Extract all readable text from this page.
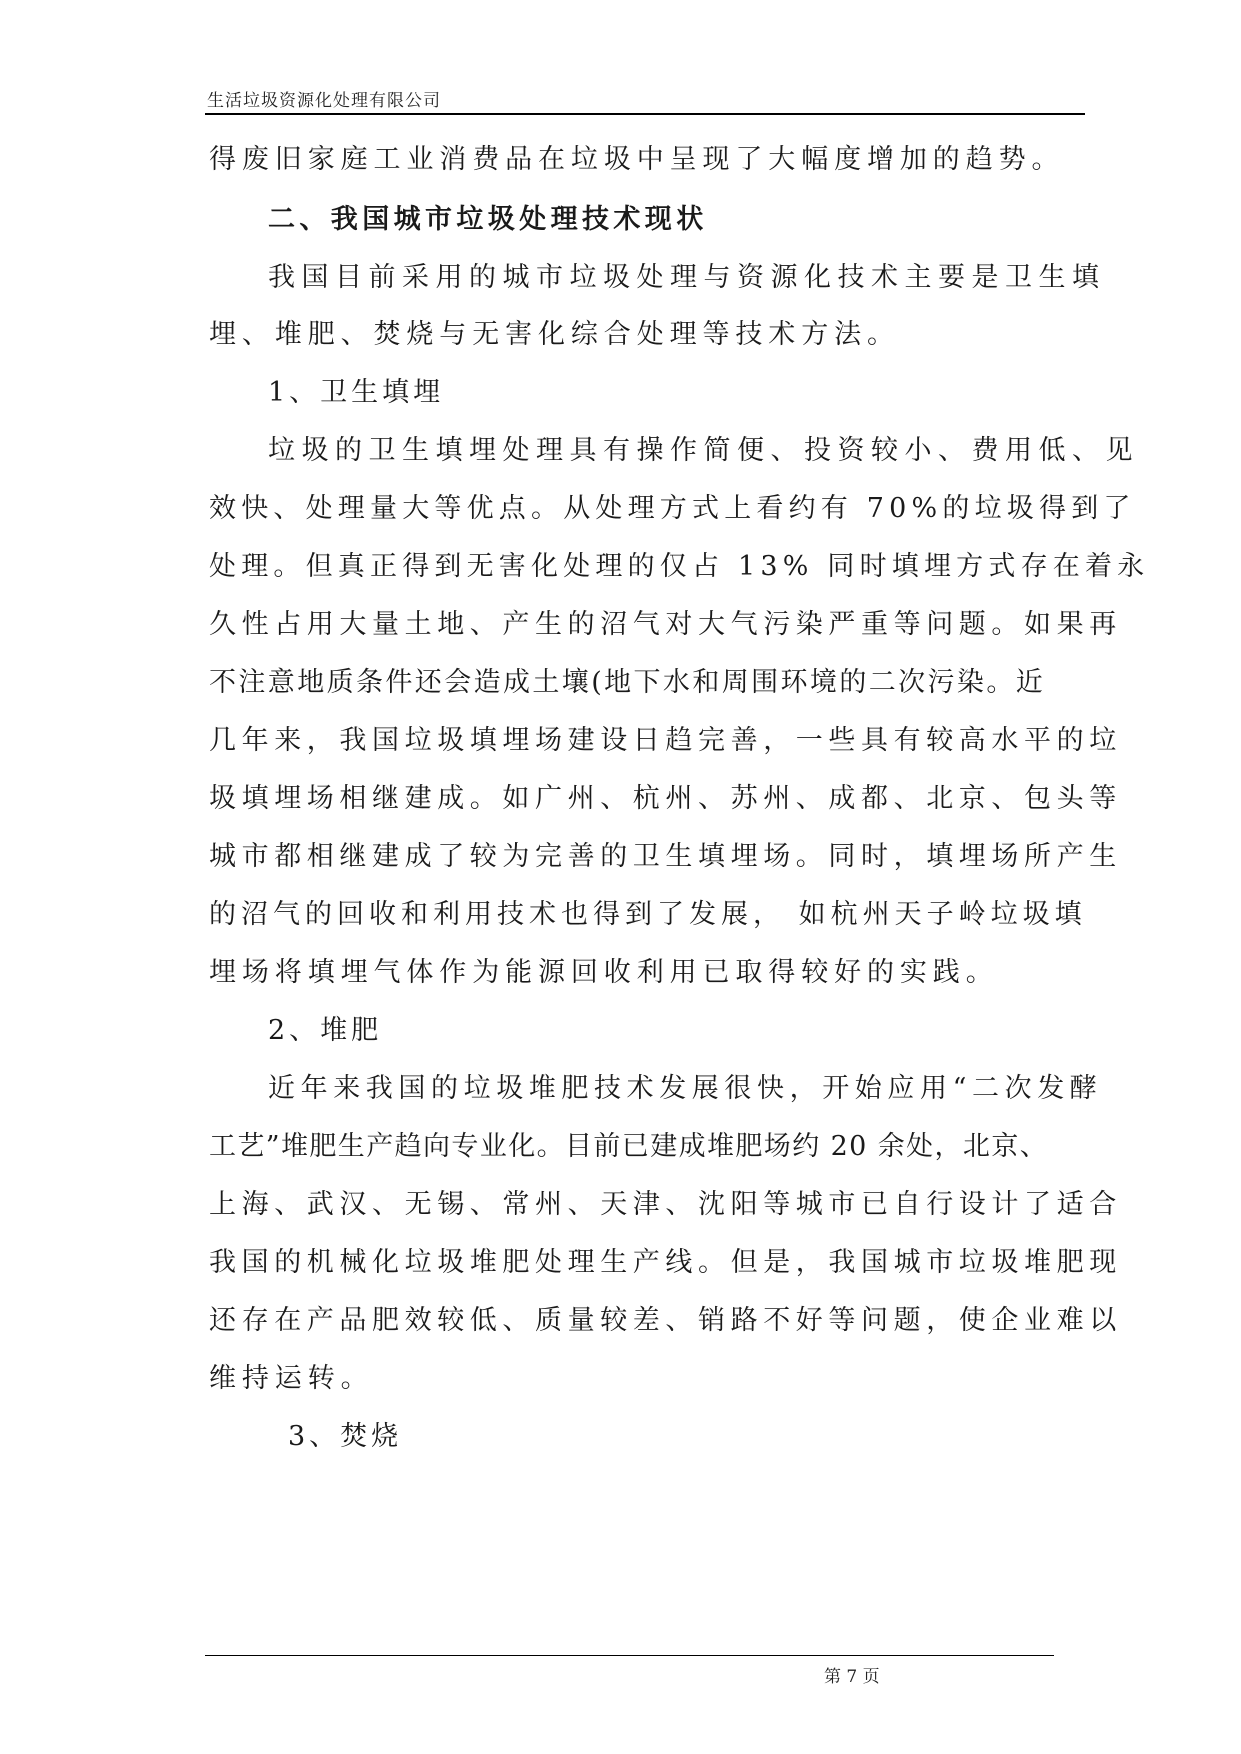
生活垃圾资源化处理有限公司
得废旧家庭工业消费品在垃圾中呈现了大幅度增加的趋势。
二、我国城市垃圾处理技术现状
我国目前采用的城市垃圾处理与资源化技术主要是卫生填
埋、堆肥、焚烧与无害化综合处理等技术方法。
1、卫生填埋
垃圾的卫生填埋处理具有操作简便、投资较小、费用低、见
效快、处理量大等优点。从处理方式上看约有 70%的垃圾得到了
处理。但真正得到无害化处理的仅占 13% 同时填埋方式存在着永
久性占用大量土地、产生的沼气对大气污染严重等问题。如果再
不注意地质条件还会造成土壤(地下水和周围环境的二次污染。近
几年来，我国垃圾填埋场建设日趋完善，一些具有较高水平的垃
圾填埋场相继建成。如广州、杭州、苏州、成都、北京、包头等
城市都相继建成了较为完善的卫生填埋场。同时，填埋场所产生
的沼气的回收和利用技术也得到了发展， 如杭州天子岭垃圾填
埋场将填埋气体作为能源回收利用已取得较好的实践。
2、堆肥
近年来我国的垃圾堆肥技术发展很快，开始应用“二次发酵
工艺”堆肥生产趋向专业化。目前已建成堆肥场约 20 余处，北京、
上海、武汉、无锡、常州、天津、沈阳等城市已自行设计了适合
我国的机械化垃圾堆肥处理生产线。但是，我国城市垃圾堆肥现
还存在产品肥效较低、质量较差、销路不好等问题，使企业难以
维持运转。
3、焚烧
第 7 页
